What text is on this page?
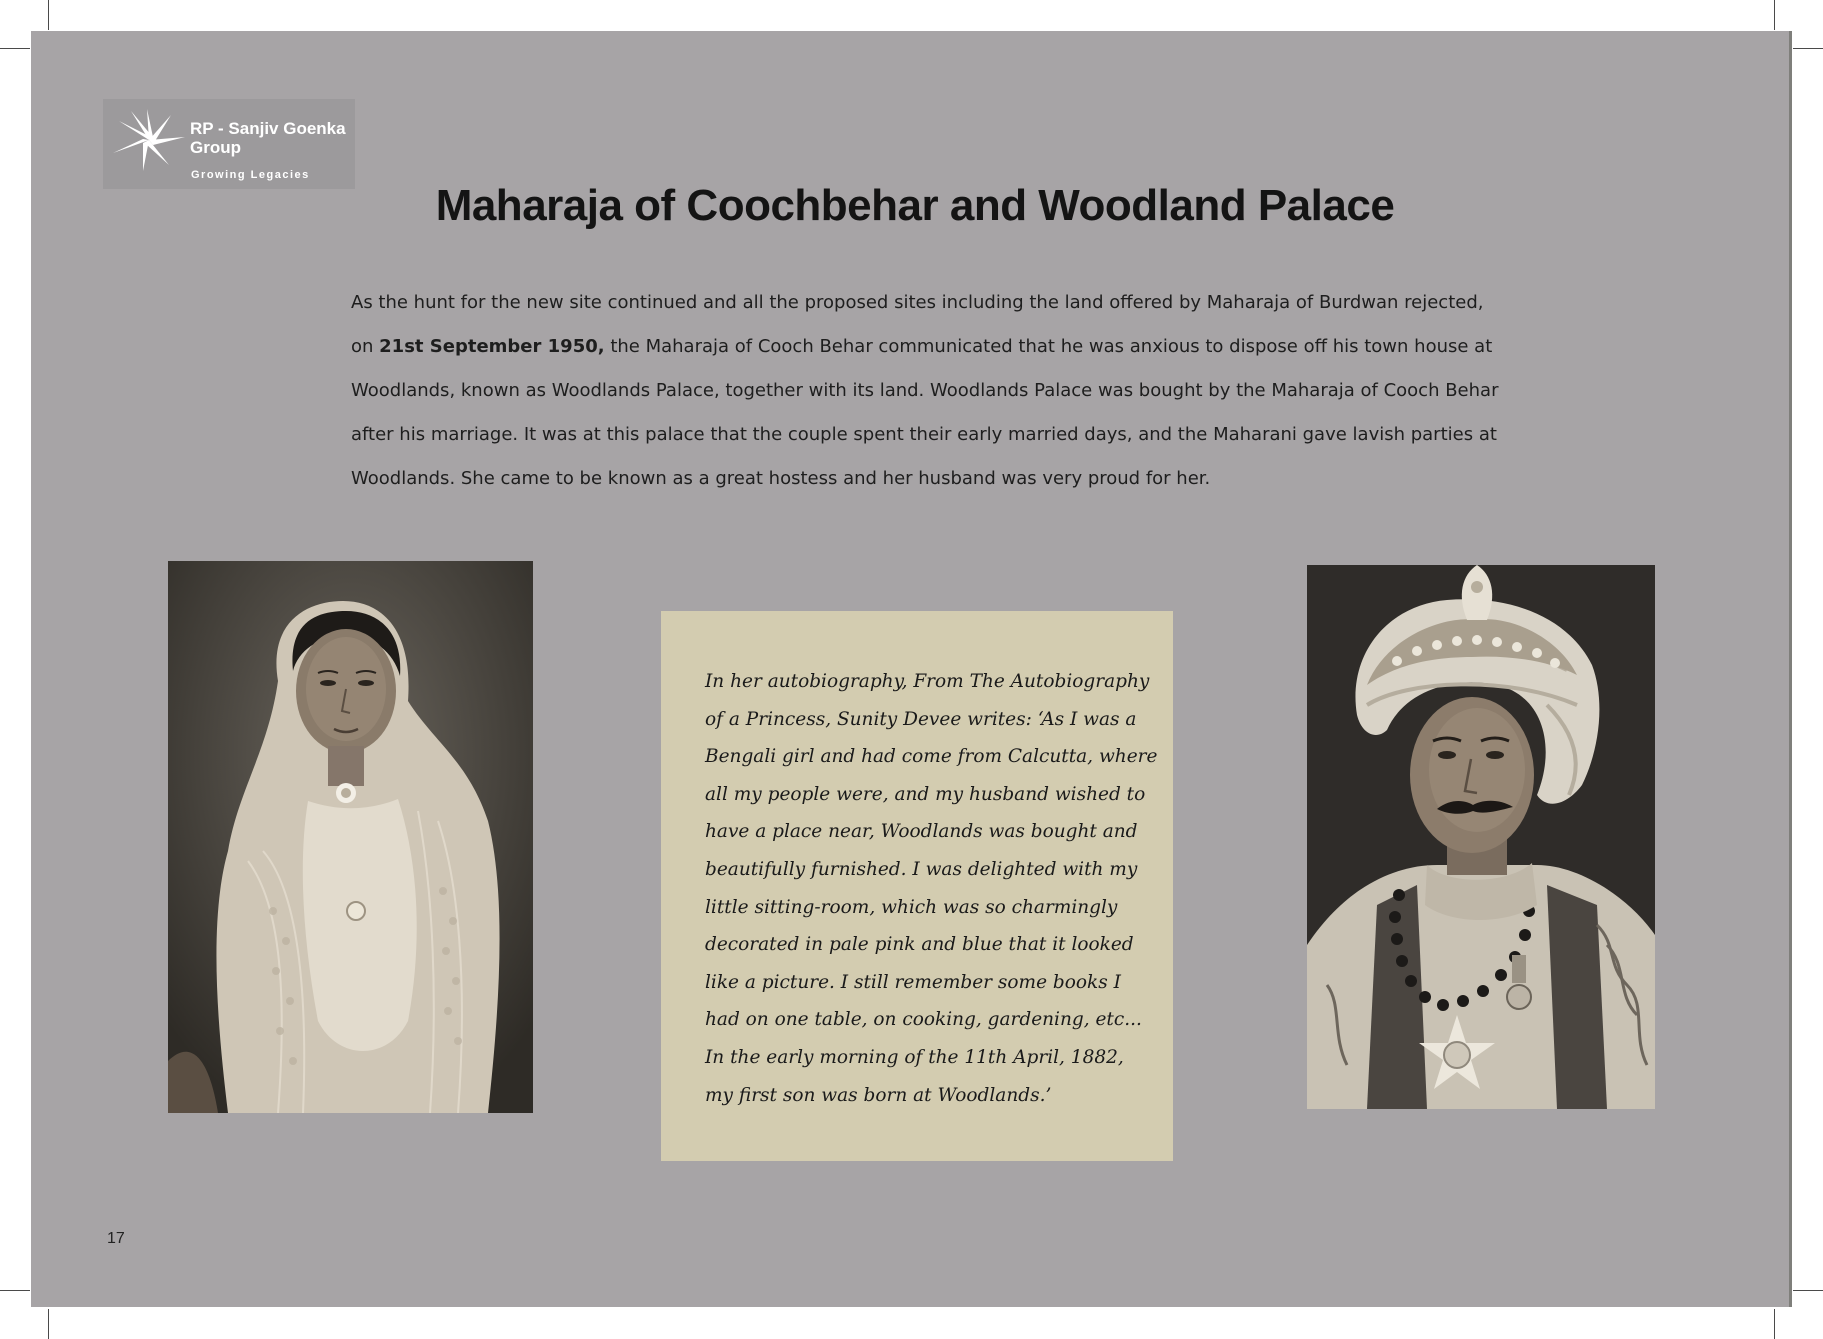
RP - Sanjiv Goenka
Group
Growing Legacies
Maharaja of Coochbehar and Woodland Palace

As the hunt for the new site continued and all the proposed sites including the land offered by Maharaja of Burdwan rejected,

on 21st September 1950, the Maharaja of Cooch Behar communicated that he was anxious to dispose off his town house at

Woodlands, known as Woodlands Palace, together with its land. Woodlands Palace was bought by the Maharaja of Cooch Behar

after his marriage. It was at this palace that the couple spent their early married days, and the Maharani gave lavish parties at

Woodlands. She came to be known as a great hostess and her husband was very proud for her.

In her autobiography, From The Autobiography

of a Princess, Sunity Devee writes: ‘As I was a

Bengali girl and had come from Calcutta, where

all my people were, and my husband wished to

have a place near, Woodlands was bought and

beautifully furnished. I was delighted with my

little sitting-room, which was so charmingly

decorated in pale pink and blue that it looked

like a picture. I still remember some books I

had on one table, on cooking, gardening, etc...

In the early morning of the 11th April, 1882,

my first son was born at Woodlands.’

17
